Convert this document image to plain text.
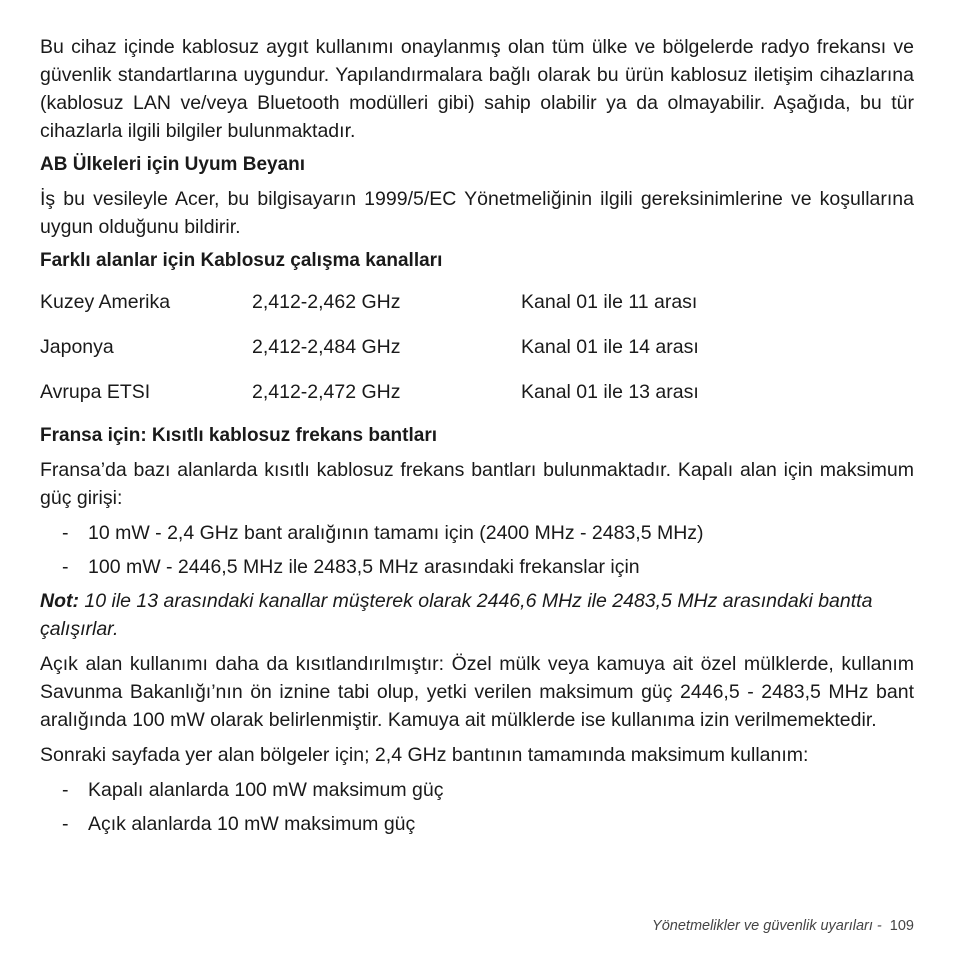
Bu cihaz içinde kablosuz aygıt kullanımı onaylanmış olan tüm ülke ve bölgelerde radyo frekansı ve güvenlik standartlarına uygundur. Yapılandırmalara bağlı olarak bu ürün kablosuz iletişim cihazlarına (kablosuz LAN ve/veya Bluetooth modülleri gibi) sahip olabilir ya da olmayabilir. Aşağıda, bu tür cihazlarla ilgili bilgiler bulunmaktadır.

AB Ülkeleri için Uyum Beyanı

İş bu vesileyle Acer, bu bilgisayarın 1999/5/EC Yönetmeliğinin ilgili gereksinimlerine ve koşullarına uygun olduğunu bildirir.

Farklı alanlar için Kablosuz çalışma kanalları

Kuzey Amerika	2,412-2,462 GHz	Kanal 01 ile 11 arası
Japonya	2,412-2,484 GHz	Kanal 01 ile 14 arası
Avrupa ETSI	2,412-2,472 GHz	Kanal 01 ile 13 arası

Fransa için: Kısıtlı kablosuz frekans bantları

Fransa’da bazı alanlarda kısıtlı kablosuz frekans bantları bulunmaktadır. Kapalı alan için maksimum güç girişi:

-	10 mW - 2,4 GHz bant aralığının tamamı için (2400 MHz - 2483,5 MHz)
-	100 mW - 2446,5 MHz ile 2483,5 MHz arasındaki frekanslar için

Not: 10 ile 13 arasındaki kanallar müşterek olarak 2446,6 MHz ile 2483,5 MHz arasındaki bantta çalışırlar.

Açık alan kullanımı daha da kısıtlandırılmıştır: Özel mülk veya kamuya ait özel mülklerde, kullanım Savunma Bakanlığı’nın ön iznine tabi olup, yetki verilen maksimum güç 2446,5 - 2483,5 MHz bant aralığında 100 mW olarak belirlenmiştir. Kamuya ait mülklerde ise kullanıma izin verilmemektedir.

Sonraki sayfada yer alan bölgeler için; 2,4 GHz bantının tamamında maksimum kullanım:

-	Kapalı alanlarda 100 mW maksimum güç
-	Açık alanlarda 10 mW maksimum güç
Yönetmelikler ve güvenlik uyarıları -  109
